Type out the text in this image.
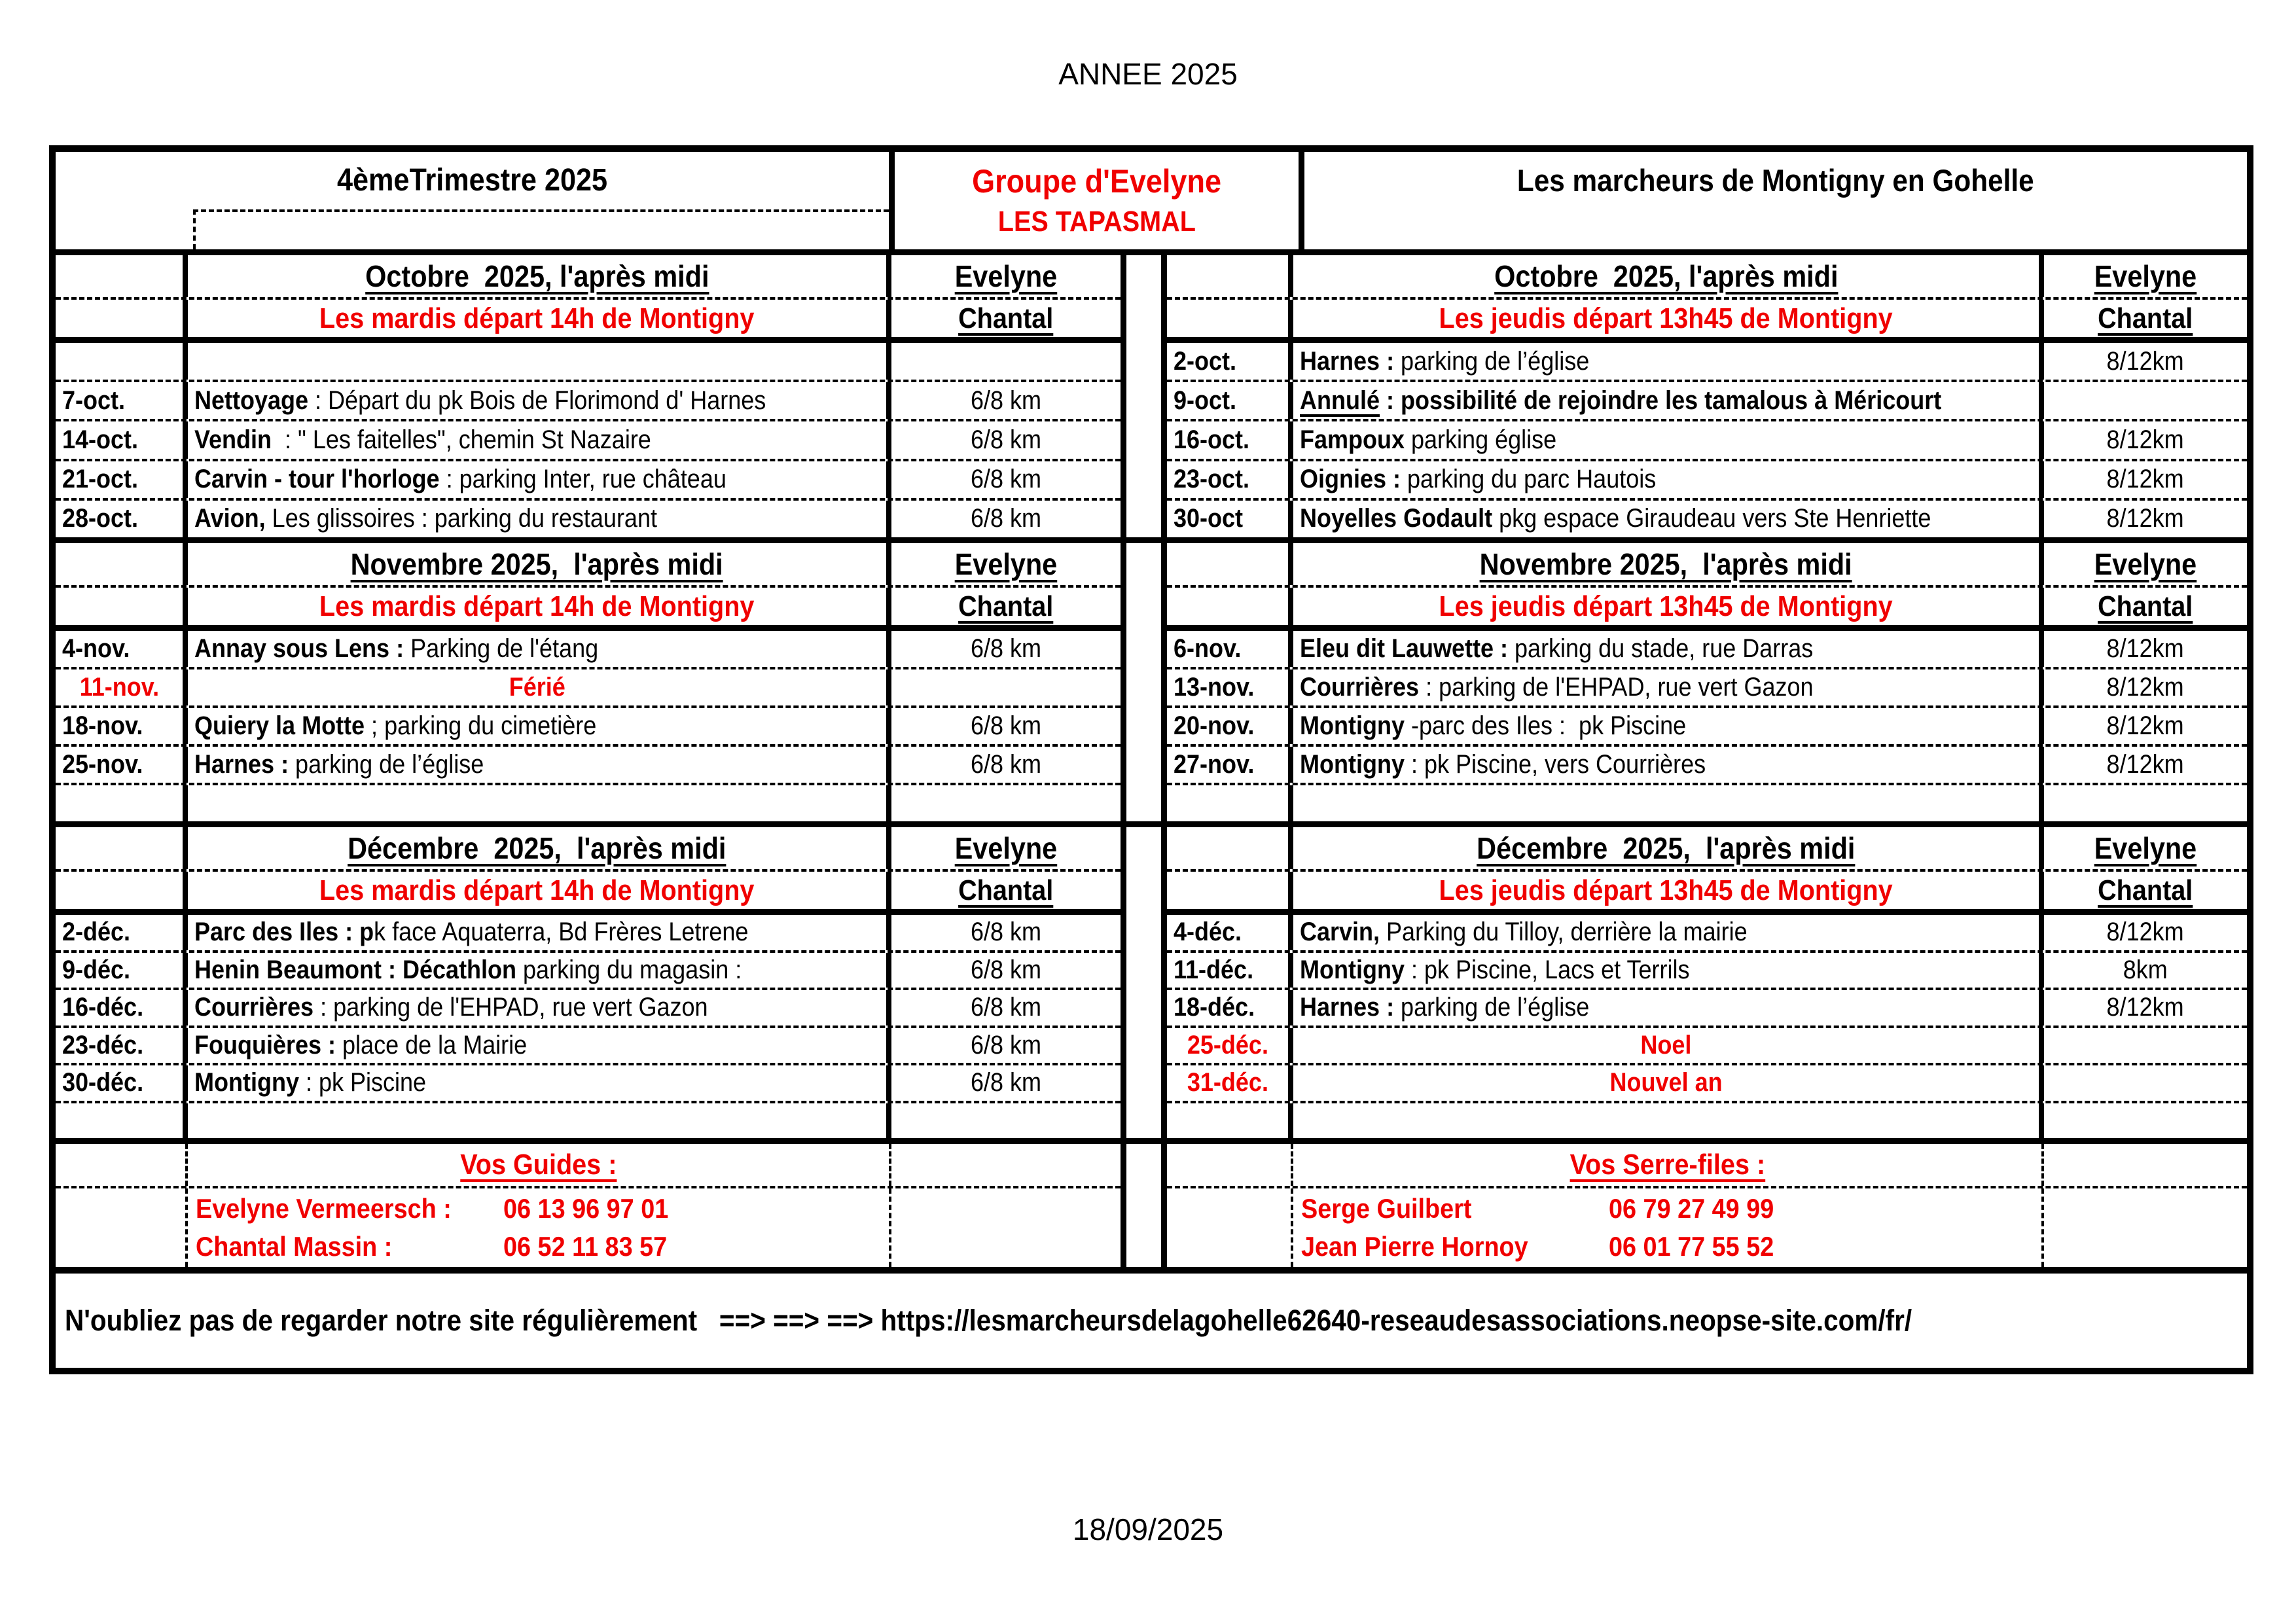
ANNEE 2025
4èmeTrimestre 2025	Groupe d'Evelyne
LES TAPASMAL
Les marcheurs de Montigny en Gohelle
Octobre  2025, l'après midi	Evelyne
Les mardis départ 14h de Montigny	Chantal
7-oct.	Nettoyage : Départ du pk Bois de Florimond d' Harnes	6/8 km
14-oct. Vendin  : " Les faitelles", chemin St Nazaire	6/8 km
21-oct. Carvin - tour l'horloge : parking Inter, rue château	6/8 km
28-oct. Avion, Les glissoires : parking du restaurant	6/8 km
Novembre 2025,  l'après midi	Evelyne
Les mardis départ 14h de Montigny	Chantal
4-nov. Annay sous Lens : Parking de l'étang	6/8 km
11-nov.	Férié
18-nov. Quiery la Motte ; parking du cimetière	6/8 km
25-nov. Harnes : parking de l’église	6/8 km
Décembre  2025,  l'après midi	Evelyne
Les mardis départ 14h de Montigny	Chantal
2-déc. Parc des Iles : pk face Aquaterra, Bd Frères Letrene	6/8 km
9-déc. Henin Beaumont : Décathlon parking du magasin :	6/8 km
16-déc. Courrières : parking de l'EHPAD, rue vert Gazon	6/8 km
23-déc. Fouquières : place de la Mairie	6/8 km
30-déc. Montigny : pk Piscine	6/8 km
Vos Guides :
Evelyne Vermeersch :	06 13 96 97 01
Chantal Massin :	06 52 11 83 57
Octobre  2025, l'après midi	Evelyne
Les jeudis départ 13h45 de Montigny	Chantal
2-oct. Harnes : parking de l’église	8/12km
9-oct. Annulé : possibilité de rejoindre les tamalous à Méricourt
16-oct. Fampoux parking église	8/12km
23-oct. Oignies : parking du parc Hautois	8/12km
30-oct Noyelles Godault pkg espace Giraudeau vers Ste Henriette	8/12km
Novembre 2025,  l'après midi	Evelyne
Les jeudis départ 13h45 de Montigny	Chantal
6-nov. Eleu dit Lauwette : parking du stade, rue Darras	8/12km
13-nov. Courrières : parking de l'EHPAD, rue vert Gazon	8/12km
20-nov. Montigny -parc des Iles :  pk Piscine	8/12km
27-nov. Montigny : pk Piscine, vers Courrières	8/12km
Décembre  2025,  l'après midi	Evelyne
Les jeudis départ 13h45 de Montigny	Chantal
4-déc. Carvin, Parking du Tilloy, derrière la mairie	8/12km
11-déc. Montigny : pk Piscine, Lacs et Terrils	8km
18-déc. Harnes : parking de l’église	8/12km
25-déc.	Noel
31-déc.	Nouvel an
Vos Serre-files :
Serge Guilbert	06 79 27 49 99
Jean Pierre Hornoy	06 01 77 55 52
N'oubliez pas de regarder notre site régulièrement   ==> ==> ==> https://lesmarcheursdelagohelle62640-reseaudesassociations.neopse-site.com/fr/
18/09/2025
